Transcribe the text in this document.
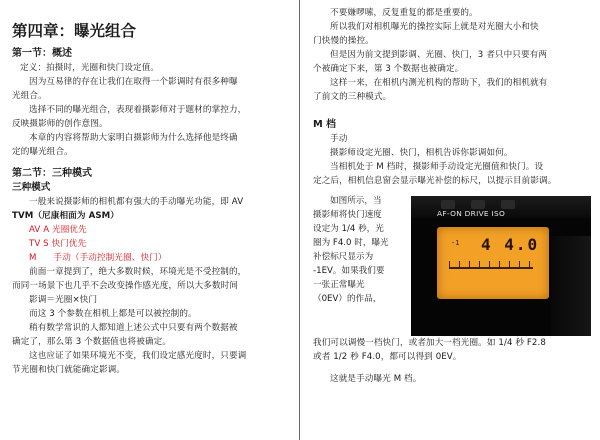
第四章：曝光组合
第一节：概述
定义：拍摄时，光圈和快门设定值。
因为互易律的存在让我们在取得一个影调时有很多种曝
光组合。
选择不同的曝光组合，表现着摄影师对于题材的掌控力，
反映摄影师的创作意图。
本章的内容将帮助大家明白摄影师为什么选择他是终确
定的曝光组合。
第二节：三种模式
三种模式
一般来说摄影师的相机都有强大的手动曝光功能，即 AV
TVM（尼康相面为 ASM）
AV A 光圈优先
TV S 快门优先
M 手动（手动控制光圈、快门）
前面一章提到了，绝大多数时候，环境光是不受控制的，
而同一场景下也几乎不会改变操作感光度，所以大多数时间
影调＝光圈×快门
而这 3 个参数在相机上都是可以被控制的。
稍有数学常识的人都知道上述公式中只要有两个数据被
确定了，那么第 3 个数据值也将被确定。
这也应证了如果环境光不变，我们设定感光度时，只要调
节光圈和快门就能确定影调。
不要嫌啰嗦，反复重复的都是重要的。
所以我们对相机曝光的操控实际上就是对光圈大小和快
门快慢的操控。
但是因为前文提到影调、光圈、快门，3 者只中只要有两
个被确定下来，第 3 个数据也被确定。
这样一来，在相机内测光机构的帮助下，我们的相机就有
了前文的三种模式。
M 档
手动
摄影师设定光圈、快门，相机告诉你影调如何。
当相机处于 M 档时，摄影师手动设定光圈值和快门。设
定之后，相机信息窗会显示曝光补偿的标尺，以提示目前影调。
如图所示，当
摄影师将快门速度
设定为 1/4 秒，光
圈为 F4.0 时，曝光
补偿标尺显示为
-1EV。如果我们要
一张正常曝光
（0EV）的作品，
AF-ON DRIVE ISO
4 4.0
-1
我们可以调慢一档快门，或者加大一档光圈。如 1/4 秒 F2.8
或者 1/2 秒 F4.0，都可以得到 0EV。
这就是手动曝光 M 档。
